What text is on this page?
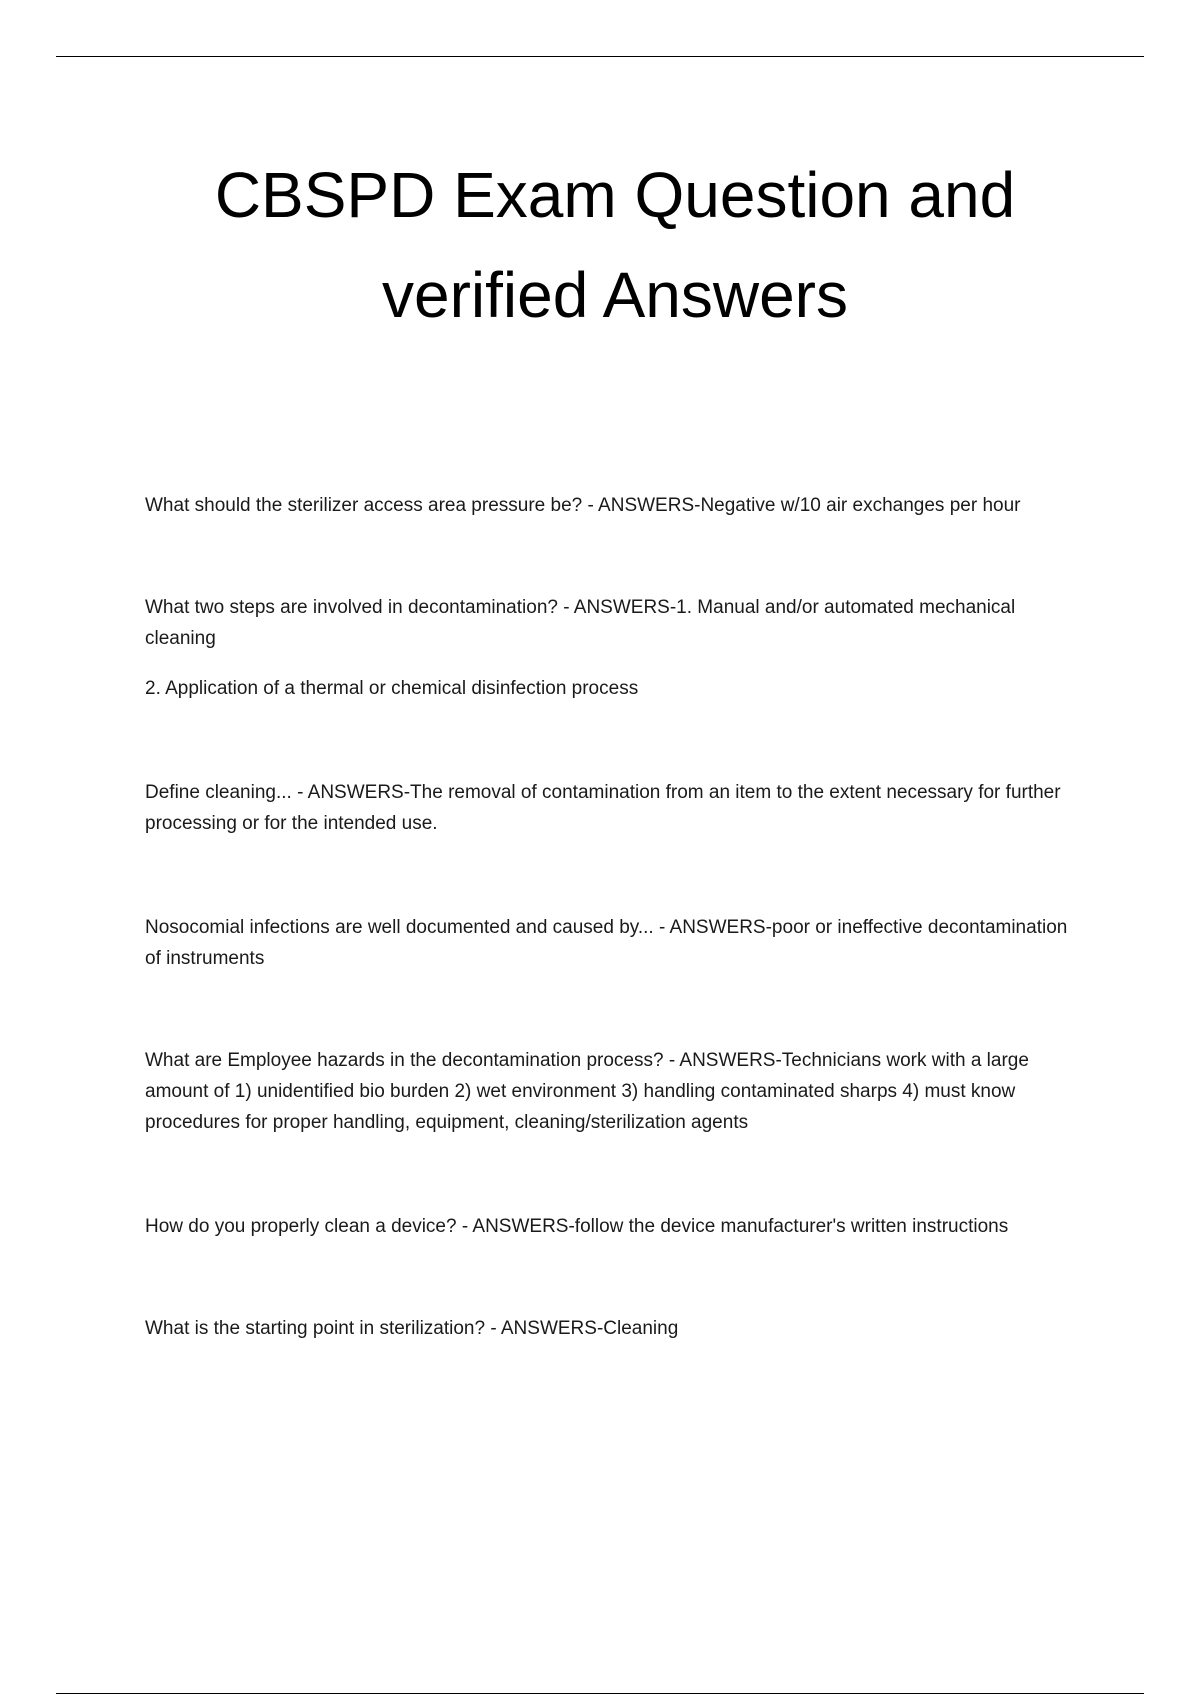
CBSPD Exam Question and
verified Answers

What should the sterilizer access area pressure be? - ANSWERS-Negative w/10 air exchanges per hour

What two steps are involved in decontamination? - ANSWERS-1. Manual and/or automated mechanical cleaning

2. Application of a thermal or chemical disinfection process

Define cleaning... - ANSWERS-The removal of contamination from an item to the extent necessary for further processing or for the intended use.

Nosocomial infections are well documented and caused by... - ANSWERS-poor or ineffective decontamination of instruments

What are Employee hazards in the decontamination process? - ANSWERS-Technicians work with a large amount of 1) unidentified bio burden 2) wet environment 3) handling contaminated sharps 4) must know procedures for proper handling, equipment, cleaning/sterilization agents

How do you properly clean a device? - ANSWERS-follow the device manufacturer's written instructions

What is the starting point in sterilization? - ANSWERS-Cleaning
